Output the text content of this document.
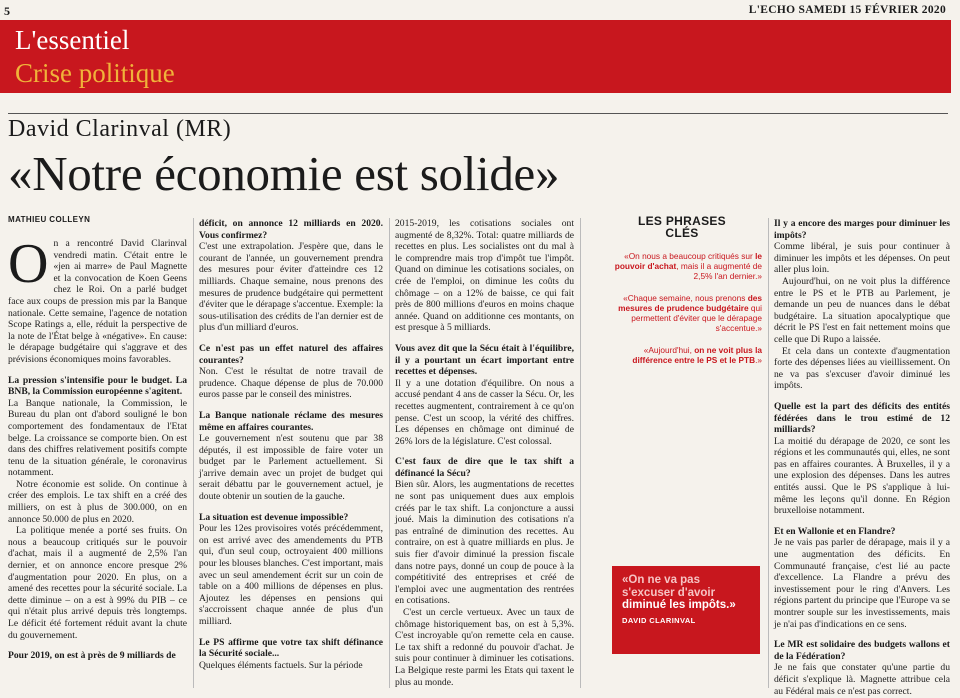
5	L'ECHO SAMEDI 15 FÉVRIER 2020
L'essentiel
Crise politique
David Clarinval (MR)
«Notre économie est solide»
MATHIEU COLLEYN

On a rencontré David Clarinval vendredi matin. C'était entre le «jen ai marre» de Paul Magnette et la convocation de Koen Geens chez le Roi. On a parlé budget face aux coups de pression mis par la Banque nationale. Cette semaine, l'agence de notation Scope Ratings a, elle, réduit la perspective de la note de l'État belge à «négative». En cause: le dérapage budgétaire qui s'aggrave et des prévisions économiques moins favorables.

La pression s'intensifie pour le budget. La BNB, la Commission européenne s'agitent.

La Banque nationale, la Commission, le Bureau du plan ont d'abord souligné le bon comportement des fondamentaux de l'Etat belge. La croissance se comporte bien. On est dans des chiffres relativement positifs compte tenu de la situation générale, le coronavirus notamment.

Notre économie est solide. On continue à créer des emplois. Le tax shift en a créé des milliers, on est à plus de 300.000, on en annonce 50.000 de plus en 2020.

La politique menée a porté ses fruits. On nous a beaucoup critiqués sur le pouvoir d'achat, mais il a augmenté de 2,5% l'an dernier, et on annonce encore presque 2% d'augmentation pour 2020. En plus, on a amené des recettes pour la sécurité sociale. La dette diminue – on a est à 99% du PIB – ce qui n'était plus arrivé depuis très longtemps. Le déficit été fortement réduit avant la chute du gouvernement.

Pour 2019, on est à près de 9 milliards de

déficit, on annonce 12 milliards en 2020. Vous confirmez?

C'est une extrapolation. J'espère que, dans le courant de l'année, un gouvernement prendra des mesures pour éviter d'atteindre ces 12 milliards. Chaque semaine, nous prenons des mesures de prudence budgétaire qui permettent d'éviter que le dérapage s'accentue. Exemple: la sous-utilisation des crédits de l'an dernier est de plus d'un milliard d'euros.

Ce n'est pas un effet naturel des affaires courantes?

Non. C'est le résultat de notre travail de prudence. Chaque dépense de plus de 70.000 euros passe par le conseil des ministres.

La Banque nationale réclame des mesures même en affaires courantes.

Le gouvernement n'est soutenu que par 38 députés, il est impossible de faire voter un budget par le Parlement actuellement. Si j'arrive demain avec un projet de budget qui serait débattu par le gouvernement actuel, je doute obtenir un soutien de la gauche.

La situation est devenue impossible?

Pour les 12es provisoires votés précédemment, on est arrivé avec des amendements du PTB qui, d'un seul coup, octroyaient 400 millions pour les blouses blanches. C'est important, mais avec un seul amendement écrit sur un coin de table on a 400 millions de dépenses en plus. Ajoutez les dépenses en pensions qui s'accroissent chaque année de plus d'un milliard.

Le PS affirme que votre tax shift définance la Sécurité sociale...

Quelques éléments factuels. Sur la période

2015-2019, les cotisations sociales ont augmenté de 8,32%. Total: quatre milliards de recettes en plus. Les socialistes ont du mal à le comprendre mais trop d'impôt tue l'impôt. Quand on diminue les cotisations sociales, on crée de l'emploi, on diminue les coûts du chômage – on a 12% de baisse, ce qui fait près de 800 millions d'euros en moins chaque année. Quand on additionne ces montants, on est presque à 5 milliards.

Vous avez dit que la Sécu était à l'équilibre, il y a pourtant un écart important entre recettes et dépenses.

Il y a une dotation d'équilibre. On nous a accusé pendant 4 ans de casser la Sécu. Or, les recettes augmentent, contrairement à ce qu'on pense. C'est un scoop, la vérité des chiffres. Les dépenses en chômage ont diminué de 26% lors de la législature. C'est colossal.

C'est faux de dire que le tax shift a définancé la Sécu?

Bien sûr. Alors, les augmentations de recettes ne sont pas uniquement dues aux emplois créés par le tax shift. La conjoncture a aussi joué. Mais la diminution des cotisations n'a pas entraîné de diminution des recettes. Au contraire, on est à quatre milliards en plus. Je suis fier d'avoir diminué la pression fiscale dans notre pays, donné un coup de pouce à la compétitivité des entreprises et créé de l'emploi avec une augmentation des rentrées en cotisations.

C'est un cercle vertueux. Avec un taux de chômage historiquement bas, on est à 5,3%. C'est incroyable qu'on remette cela en cause. Le tax shift a redonné du pouvoir d'achat. Je suis pour continuer à diminuer les cotisations. La Belgique reste parmi les Etats qui taxent le plus au monde.

LES PHRASES
CLÉS

«On nous a beaucoup critiqués sur le pouvoir d'achat, mais il a augmenté de 2,5% l'an dernier.»

«Chaque semaine, nous prenons des mesures de prudence budgétaire qui permettent d'éviter que le dérapage s'accentue.»

«Aujourd'hui, on ne voit plus la différence entre le PS et le PTB.»

«On ne va pas s'excuser d'avoir
diminué les impôts.»
DAVID CLARINVAL

Il y a encore des marges pour diminuer les impôts?

Comme libéral, je suis pour continuer à diminuer les impôts et les dépenses. On peut aller plus loin.

Aujourd'hui, on ne voit plus la différence entre le PS et le PTB au Parlement, je demande un peu de nuances dans le débat budgétaire. La situation apocalyptique que décrit le PS l'est en fait nettement moins que celle que Di Rupo a laissée.

Et cela dans un contexte d'augmentation forte des dépenses liées au vieillissement. On ne va pas s'excuser d'avoir diminué les impôts.

Quelle est la part des déficits des entités fédérées dans le trou estimé de 12 milliards?

La moitié du dérapage de 2020, ce sont les régions et les communautés qui, elles, ne sont pas en affaires courantes. À Bruxelles, il y a une explosion des dépenses. Dans les autres entités aussi. Que le PS s'applique à lui-même les leçons qu'il donne. En Région bruxelloise notamment.

Et en Wallonie et en Flandre?

Je ne vais pas parler de dérapage, mais il y a une augmentation des déficits. En Communauté française, c'est lié au pacte d'excellence. La Flandre a prévu des investissement pour le ring d'Anvers. Les régions partent du principe que l'Europe va se montrer souple sur les investissements, mais je n'ai pas d'indications en ce sens.

Le MR est solidaire des budgets wallons et de la Fédération?

Je ne fais que constater qu'une partie du déficit s'explique là. Magnette attribue cela au Fédéral mais ce n'est pas correct.
